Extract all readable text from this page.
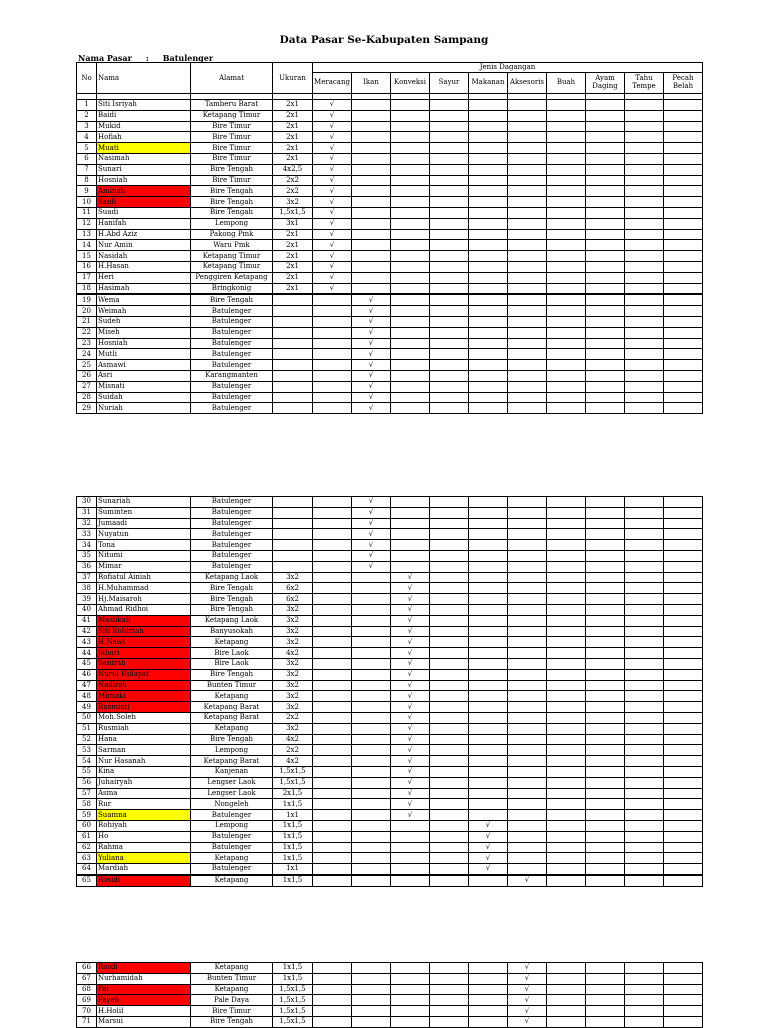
Data Pasar Se-Kabupaten Sampang
Nama Pasar : Batulenger
No	Nama	Alamat	Ukuran	Jenis Dagangan									
				Meracang	Ikan	Konveksi	Sayur	Makanan	Aksesoris	Buah	Ayam Daging	Tahu Tempe	Pecah Belah

1	Siti Isriyah	Tamberu Barat	2x1	√									
2	Baidi	Ketapang Timur	2x1	√									
3	Mukid	Bire Timur	2x1	√									
4	Hofiah	Bire Timur	2x1	√									
5	Muati	Bire Timur	2x1	√									
6	Nasimah	Bire Timur	2x1	√									
7	Sunari	Bire Tengah	4x2,5	√									
8	Hosniah	Bire Timur	2x2	√									
9	Aminah	Bire Tengah	2x2	√									
10	Saidi	Bire Tengah	3x2	√									
11	Suadi	Bire Tengah	1,5x1,5	√									
12	Hanifah	Lempong	3x1	√									
13	H.Abd Aziz	Pakong Pmk	2x1	√									
14	Nur Amin	Waru Pmk	2x1	√									
15	Nasidah	Ketapang Timur	2x1	√									
16	H.Hasan	Ketapang Timur	2x1	√									
17	Heri	Penggiren Ketapang	2x1	√									
18	Hasimah	Bringkonig	2x1	√									
19	Wema	Bire Tengah			√								
20	Weimah	Batulenger			√								
21	Sudeh	Batulenger			√								
22	Miseh	Batulenger			√								
23	Hosniah	Batulenger			√								
24	Mutli	Batulenger			√								
25	Asmawi	Batulenger			√								
26	Asri	Karangmanten			√								
27	Misnati	Batulenger			√								
28	Suidah	Batulenger			√								
29	Nuriah	Batulenger			√								
30	Sunariah	Batulenger			√								
31	Suminten	Batulenger			√								
32	Jumaadi	Batulenger			√								
33	Nuyatun	Batulenger			√								
34	Tona	Batulenger			√								
35	Nitumi	Batulenger			√								
36	Mimar	Batulenger			√								
37	Rofiatul Ainiah	Ketapang Laok	3x2			√							
38	H.Muhammad	Bire Tengah	6x2			√							
39	Hj.Maisaroh	Bire Tengah	6x2			√							
40	Ahmad Ridhoi	Bire Tengah	3x2			√							
41	Maslikah	Ketapang Laok	3x2			√							
42	Siti Rohimah	Banyusokah	3x2			√							
43	H.Nawi	Ketapang	3x2			√							
44	Jahuri	Bire Laok	4x2			√							
45	Sanirah	Bire Laok	3x2			√							
46	Nurul Hidayat	Bire Tengah	3x2			√							
47	Nadirah	Bunten Timur	3x2			√							
48	Mirnaki	Ketapang	3x2			√							
49	Rusmiati	Ketapang Barat	3x2			√							
50	Moh.Soleh	Ketapang Barat	2x2			√							
51	Rusmiah	Ketapang	3x2			√							
52	Hana	Bire Tengah	4x2			√							
53	Sarman	Lempong	2x2			√							
54	Nur Hasanah	Ketapang Barat	4x2			√							
55	Kina	Kanjenan	1,5x1,5			√							
56	Juhairyah	Lengser Laok	1,5x1,5			√							
57	Asma	Lengser Laok	2x1,5			√							
58	Rur	Nongeleh	1x1,5			√							
59	Suamna	Batulenger	1x1			√							
60	Rohiyah	Lempong	1x1,5					√					
61	Ho	Batulenger	1x1,5					√					
62	Rahma	Batulenger	1x1,5					√					
63	Yuliana	Ketapang	1x1,5					√					
64	Mardiah	Batulenger	1x1					√					
65	Rosidi	Ketapang	1x1,5						√				
66	Rosdi	Ketapang	1x1,5						√				
67	Nurhamidah	Bunten Timur	1x1,5						√				
68	Pai	Ketapang	1,5x1,5						√				
69	Fayeh	Pale Daya	1,5x1,5						√				
70	H.Holil	Bire Timur	1,5x1,5						√				
71	Marsui	Bire Tengah	1,5x1,5						√				
